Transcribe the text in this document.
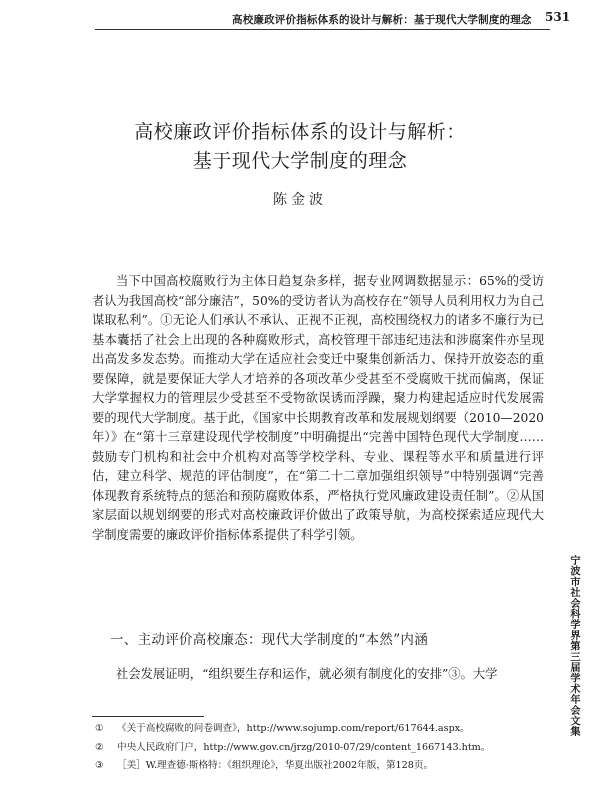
高校廉政评价指标体系的设计与解析：基于现代大学制度的理念 531
高校廉政评价指标体系的设计与解析：
基于现代大学制度的理念
陈金波

当下中国高校腐败行为主体日趋复杂多样，据专业网调数据显示：65%的受访者认为我国高校“部分廉洁”，50%的受访者认为高校存在“领导人员利用权力为自己谋取私利”。①无论人们承认不承认、正视不正视，高校围绕权力的诸多不廉行为已基本囊括了社会上出现的各种腐败形式，高校管理干部违纪违法和涉腐案件亦呈现出高发多发态势。而推动大学在适应社会变迁中聚集创新活力、保持开放姿态的重要保障，就是要保证大学人才培养的各项改革少受甚至不受腐败干扰而偏离，保证大学掌握权力的管理层少受甚至不受物欲误诱而浮躁，聚力构建起适应时代发展需要的现代大学制度。基于此，《国家中长期教育改革和发展规划纲要（2010—2020年）》在“第十三章建设现代学校制度”中明确提出“完善中国特色现代大学制度……鼓励专门机构和社会中介机构对高等学校学科、专业、课程等水平和质量进行评估，建立科学、规范的评估制度”，在“第二十二章加强组织领导”中特别强调“完善体现教育系统特点的惩治和预防腐败体系，严格执行党风廉政建设责任制”。②从国家层面以规划纲要的形式对高校廉政评价做出了政策导航，为高校探索适应现代大学制度需要的廉政评价指标体系提供了科学引领。

一、主动评价高校廉态：现代大学制度的“本然”内涵

社会发展证明，“组织要生存和运作，就必须有制度化的安排”③。大学

① 《关于高校腐败的问卷调查》，http://www.sojump.com/report/617644.aspx。
② 中央人民政府门户，http://www.gov.cn/jrzg/2010-07/29/content_1667143.htm。
③ ［美］W.理查德·斯格特：《组织理论》，华夏出版社2002年版，第128页。
宁波市社会科学界第三届学术年会文集
